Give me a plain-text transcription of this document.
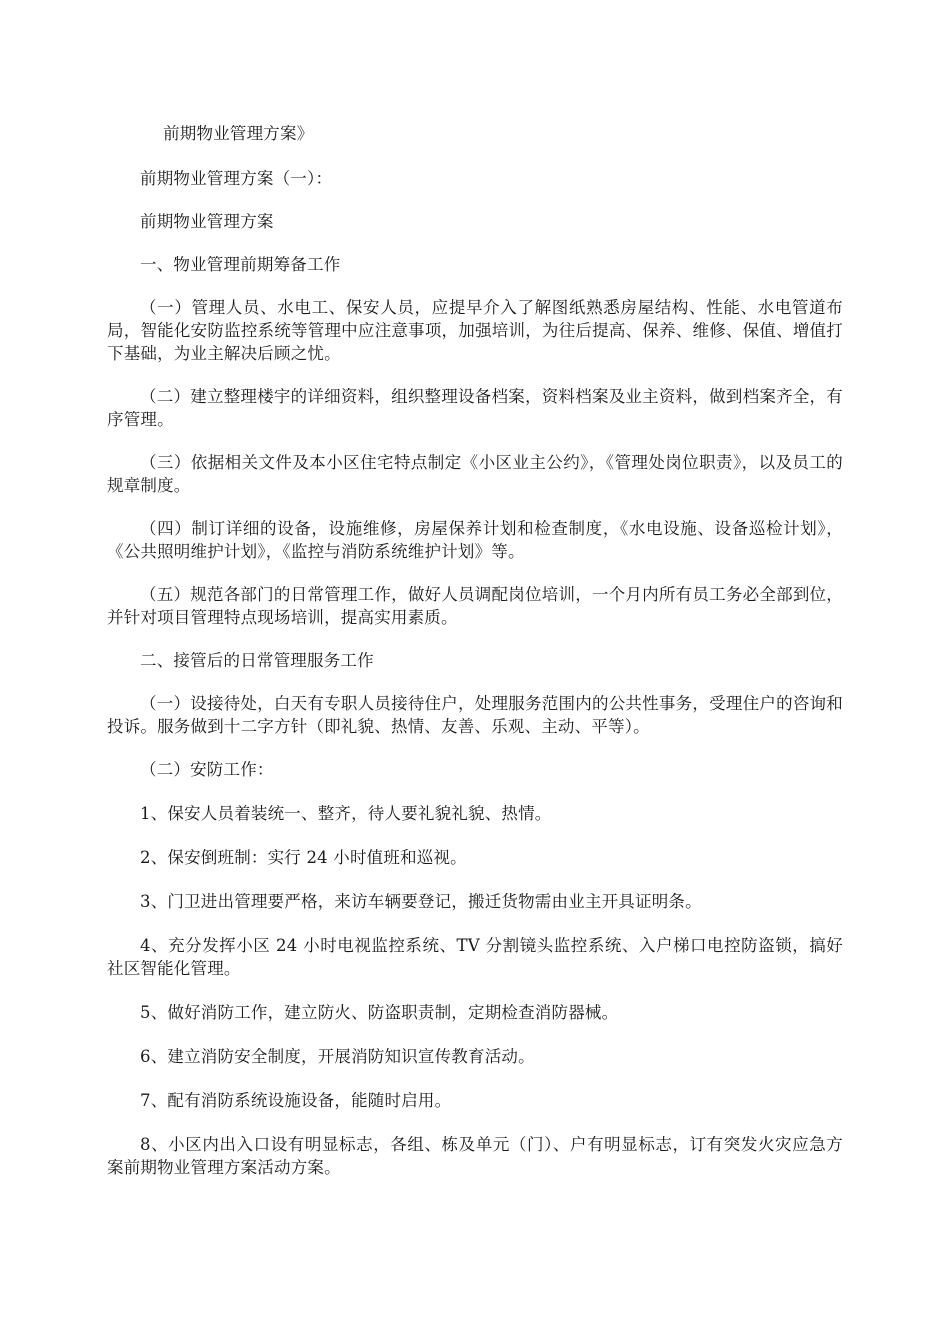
前期物业管理方案》

前期物业管理方案（一）：

前期物业管理方案

一、物业管理前期筹备工作

（一）管理人员、水电工、保安人员，应提早介入了解图纸熟悉房屋结构、性能、水电管道布局，智能化安防监控系统等管理中应注意事项，加强培训，为往后提高、保养、维修、保值、增值打下基础，为业主解决后顾之忧。

（二）建立整理楼宇的详细资料，组织整理设备档案，资料档案及业主资料，做到档案齐全，有序管理。

（三）依据相关文件及本小区住宅特点制定《小区业主公约》，《管理处岗位职责》，以及员工的规章制度。

（四）制订详细的设备，设施维修，房屋保养计划和检查制度，《水电设施、设备巡检计划》，《公共照明维护计划》，《监控与消防系统维护计划》等。

（五）规范各部门的日常管理工作，做好人员调配岗位培训，一个月内所有员工务必全部到位，并针对项目管理特点现场培训，提高实用素质。

二、接管后的日常管理服务工作

（一）设接待处，白天有专职人员接待住户，处理服务范围内的公共性事务，受理住户的咨询和投诉。服务做到十二字方针（即礼貌、热情、友善、乐观、主动、平等）。

（二）安防工作：

1、保安人员着装统一、整齐，待人要礼貌礼貌、热情。

2、保安倒班制：实行 24 小时值班和巡视。

3、门卫进出管理要严格，来访车辆要登记，搬迁货物需由业主开具证明条。

4、充分发挥小区 24 小时电视监控系统、TV 分割镜头监控系统、入户梯口电控防盗锁，搞好社区智能化管理。

5、做好消防工作，建立防火、防盗职责制，定期检查消防器械。

6、建立消防安全制度，开展消防知识宣传教育活动。

7、配有消防系统设施设备，能随时启用。

8、小区内出入口设有明显标志，各组、栋及单元（门）、户有明显标志，订有突发火灾应急方案前期物业管理方案活动方案。
